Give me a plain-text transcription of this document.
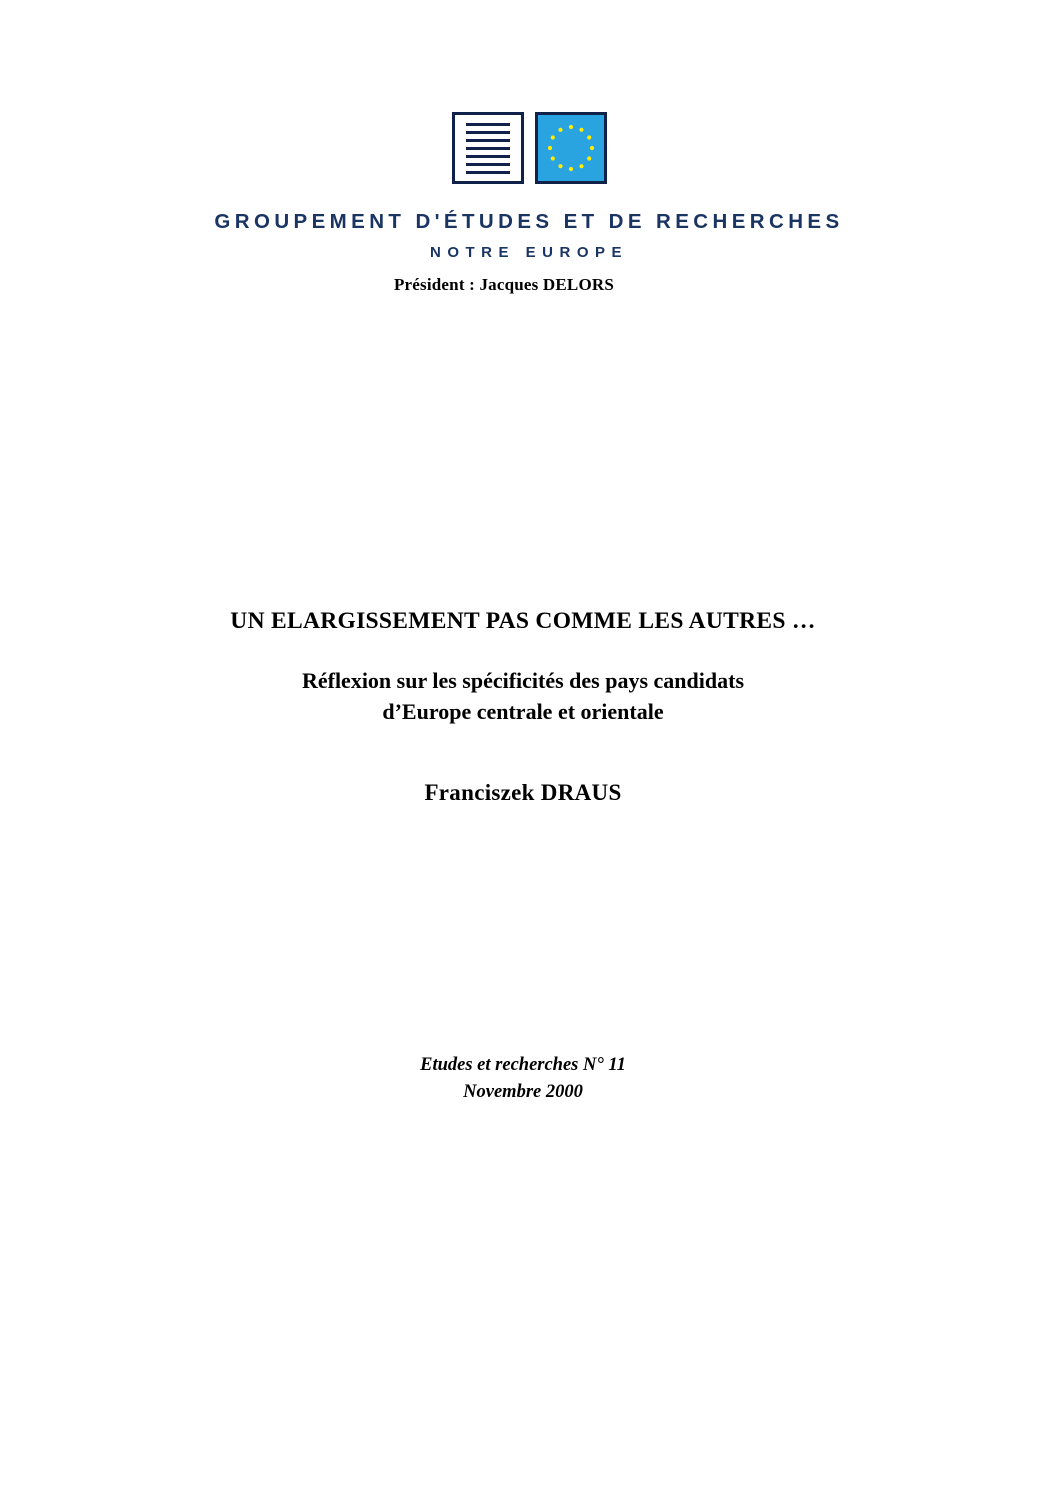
GROUPEMENT D'ÉTUDES ET DE RECHERCHES
NOTRE EUROPE
Président : Jacques DELORS
UN ELARGISSEMENT PAS COMME LES AUTRES …
Réflexion sur les spécificités des pays candidats
d’Europe centrale et orientale
Franciszek DRAUS
Etudes et recherches N° 11
Novembre 2000
